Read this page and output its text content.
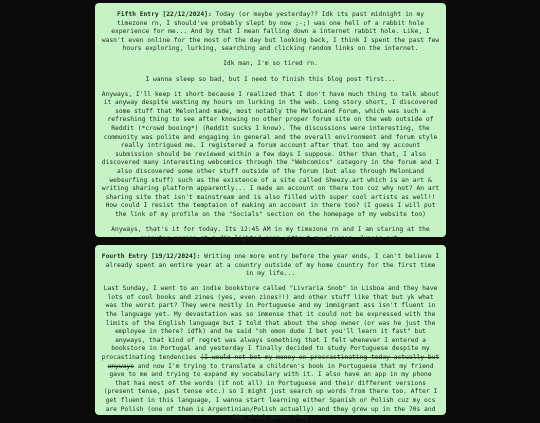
Fifth Entry [22/12/2024]: Today (or maybe yesterday?? Idk its past midnight in my timezone rn, I should've probably slept by now ;-;) was one hell of a rabbit hole experience for me... And by that I mean falling down a internet rabbit hole. Like, I wasn't even online for the most of the day but looking back, I think I spent the past few hours exploring, lurking, searching and clicking random links on the internet.

Idk man, I'm so tired rn.

I wanna sleep so bad, but I need to finish this blog post first...

Anyways, I'll keep it short because I realized that I don't have much thing to talk about it anyway despite wasting my hours on lurking in the web. Long story short, I discovered some stuff that Melonland made, most notably the MelonLand Forum, which was such a refreshing thing to see after knowing no other proper forum site on the web outside of Reddit (*crowd booing*) (Reddit sucks I know). The discussions were interesting, the community was polite and engaging in general and the overall environment and forum style really intrigued me. I registered a forum account after that too and my account submission should be reviewed within a few days I suppose. Other than that, I also discovered many interesting webcomics through the "Webcomics" category in the forum and I also discovered some other stuff outside of the forum (but also through MelonLand websurfing stuff) such as the existence of a site called Sheezy.art which is an art & writing sharing platform apparently... I made an account on there too cuz why not? An art sharing site that isn't mainstream and is also filled with super cool artists as well!! How could I resist the temptaion of making an account in there too? (I guess I will put the link of my profile on the "Socials" section on the homepage of my website too)

Anyways, that's it for today. Its 12:45 AM in my timezone rn and I am staring at the computer screen at a dim lighted room without my glasses. June's out.

Fourth Entry [19/12/2024]: Writing one more entry before the year ends, I can't believe I already spent an entire year at a country outside of my home country for the first time in my life...

Last Sunday, I went to an indie bookstore called "Livraria Snob" in Lisboa and they have lots of cool books and zines (yes, even zines!!) and other stuff like that but yk what was the worst part? They were mostly in Portuguese and my immigrant ass isn't fluent in the language yet. My devastation was so immense that it could not be expressed with the limits of the English language but I told that about the shop owner (or was he just the employee in there? idfk) and he said "oh omon dude I bet you'll learn it fast" but anyways, that kind of regret was always something that I felt whenever I entered a bookstore in Portugal and yesterday I finally decided to study Portuguese despite my procastinating tendencies (I would not bet my money on procrastinating today actually but anyways and now I'm trying to translate a children's book in Portuguese that my friend gave to me and trying to expand my vocabulary with it. I also have an app in my phone that has most of the words (if not all) in Portuguese and their different versions (present tense, past tense etc.) so I might just search up words from there too. After I get fluent in this language, I wanna start learning either Spanish or Polish cuz my ocs are Polish (one of them is Argentinian/Polish actually) and they grew up in the 70s and 80s which means they
